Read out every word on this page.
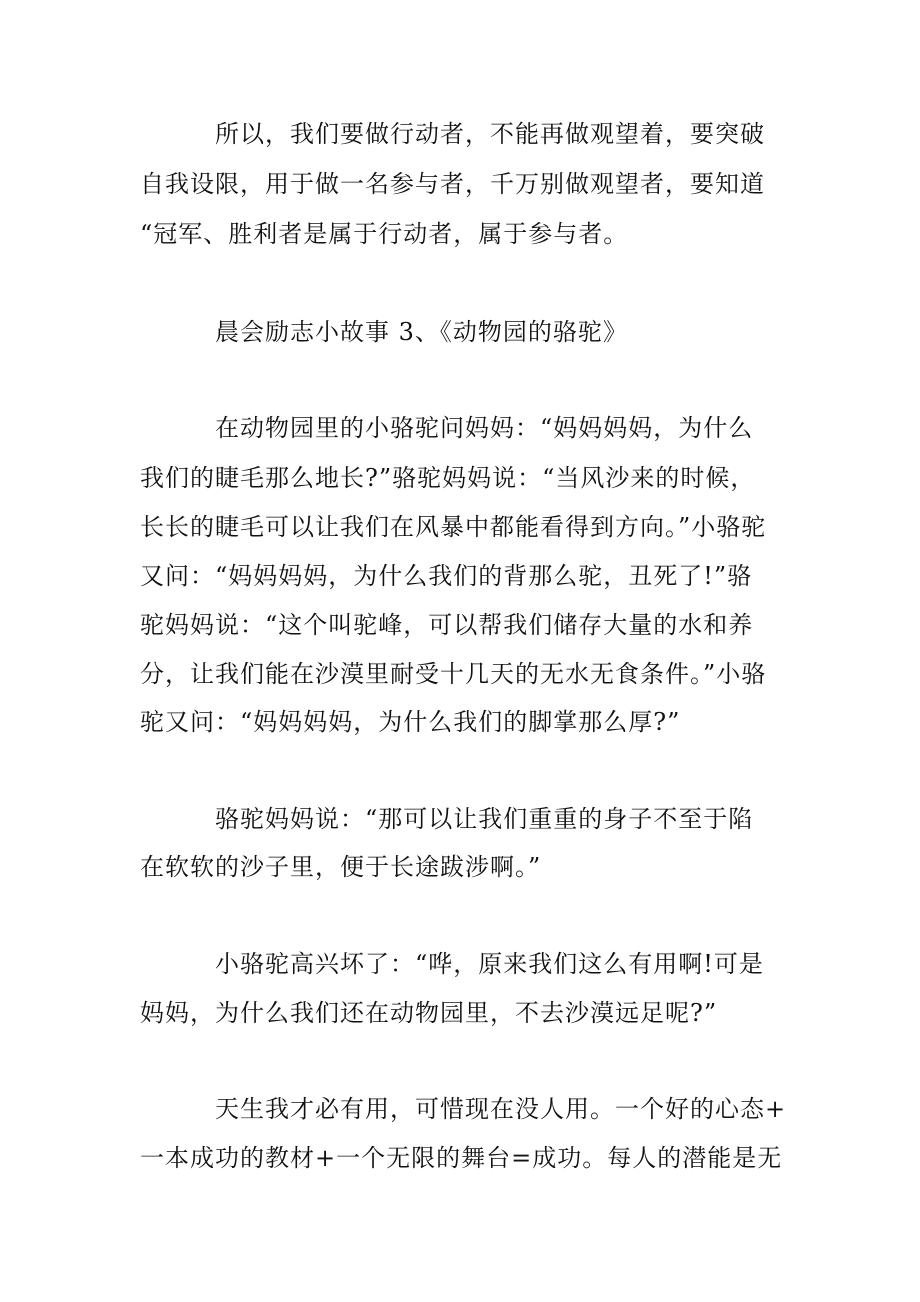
所以，我们要做行动者，不能再做观望着，要突破
自我设限，用于做一名参与者，千万别做观望者，要知道
“冠军、胜利者是属于行动者，属于参与者。
晨会励志小故事 3、《动物园的骆驼》
在动物园里的小骆驼问妈妈：“妈妈妈妈，为什么
我们的睫毛那么地长?”骆驼妈妈说：“当风沙来的时候，
长长的睫毛可以让我们在风暴中都能看得到方向。”小骆驼
又问：“妈妈妈妈，为什么我们的背那么驼，丑死了!”骆
驼妈妈说：“这个叫驼峰，可以帮我们储存大量的水和养
分，让我们能在沙漠里耐受十几天的无水无食条件。”小骆
驼又问：“妈妈妈妈，为什么我们的脚掌那么厚?”
骆驼妈妈说：“那可以让我们重重的身子不至于陷
在软软的沙子里，便于长途跋涉啊。”
小骆驼高兴坏了：“哗，原来我们这么有用啊!可是
妈妈，为什么我们还在动物园里，不去沙漠远足呢?”
天生我才必有用，可惜现在没人用。一个好的心态+
一本成功的教材+一个无限的舞台=成功。每人的潜能是无
